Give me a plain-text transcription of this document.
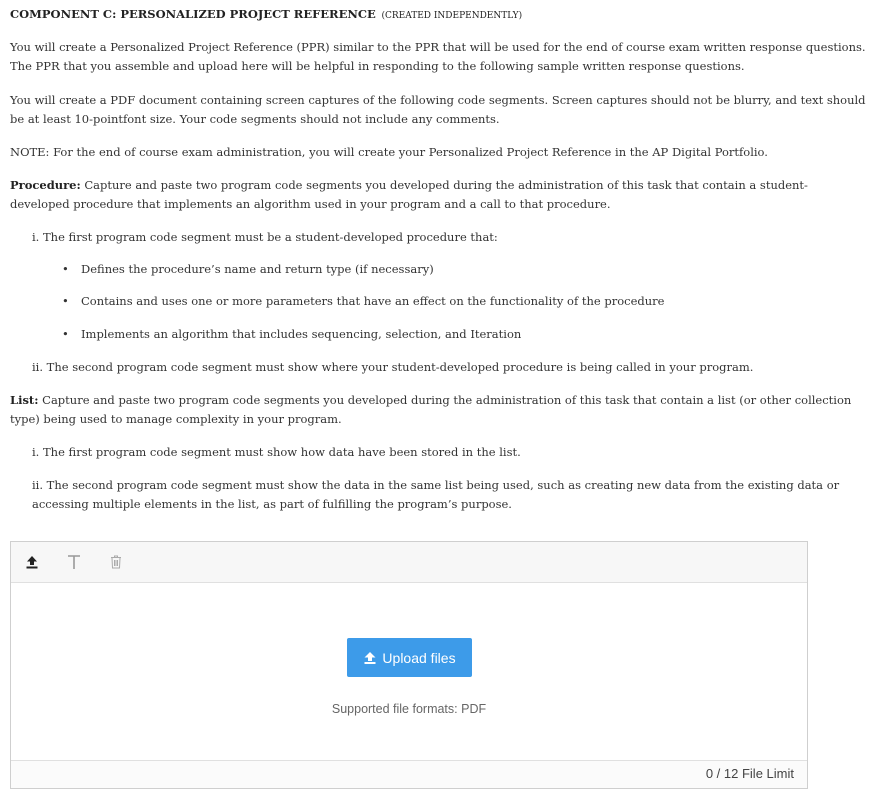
COMPONENT C: PERSONALIZED PROJECT REFERENCE (CREATED INDEPENDENTLY)
You will create a Personalized Project Reference (PPR) similar to the PPR that will be used for the end of course exam written response questions. The PPR that you assemble and upload here will be helpful in responding to the following sample written response questions.
You will create a PDF document containing screen captures of the following code segments. Screen captures should not be blurry, and text should be at least 10-pointfont size. Your code segments should not include any comments.
NOTE: For the end of course exam administration, you will create your Personalized Project Reference in the AP Digital Portfolio.
Procedure: Capture and paste two program code segments you developed during the administration of this task that contain a student-developed procedure that implements an algorithm used in your program and a call to that procedure.
i. The first program code segment must be a student-developed procedure that:
• Defines the procedure’s name and return type (if necessary)
• Contains and uses one or more parameters that have an effect on the functionality of the procedure
• Implements an algorithm that includes sequencing, selection, and Iteration
ii. The second program code segment must show where your student-developed procedure is being called in your program.
List: Capture and paste two program code segments you developed during the administration of this task that contain a list (or other collection type) being used to manage complexity in your program.
i. The first program code segment must show how data have been stored in the list.
ii. The second program code segment must show the data in the same list being used, such as creating new data from the existing data or accessing multiple elements in the list, as part of fulfilling the program’s purpose.
Upload files
Supported file formats: PDF
0 / 12 File Limit
